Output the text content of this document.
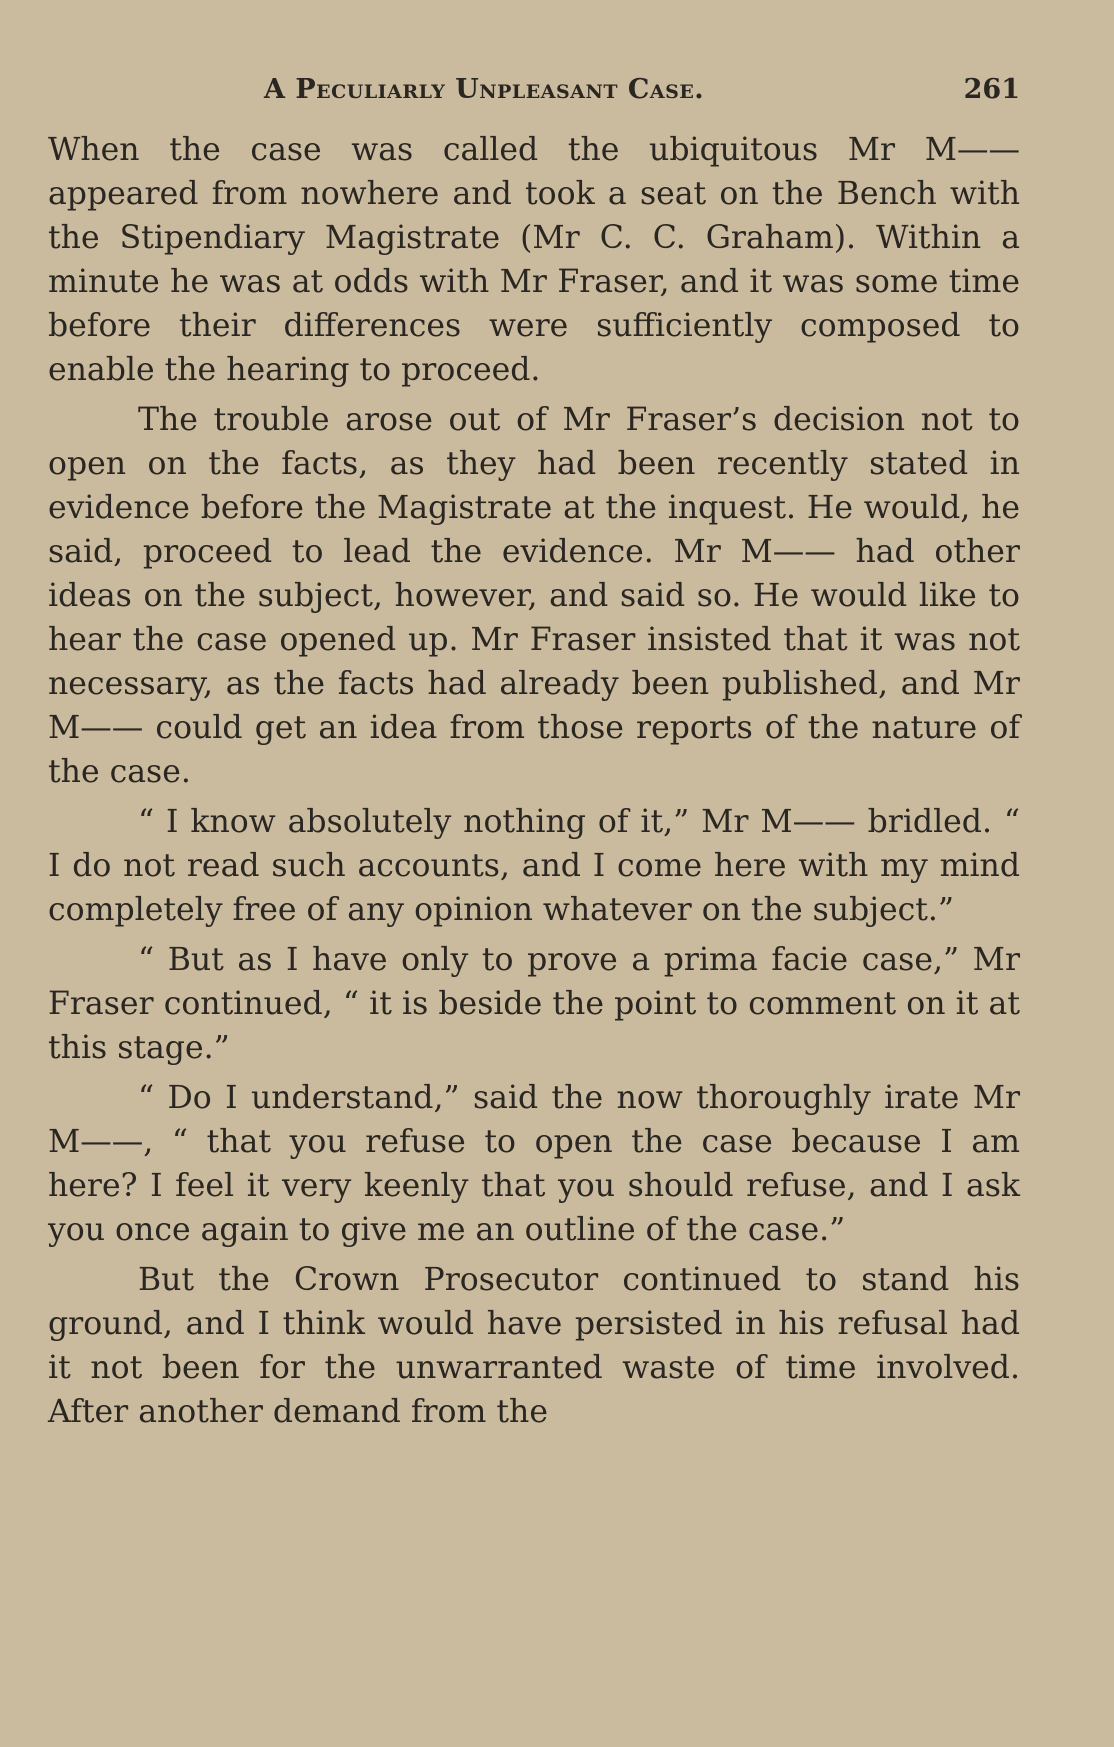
A Peculiarly Unpleasant Case.	261

When the case was called the ubiquitous Mr M—— appeared from nowhere and took a seat on the Bench with the Stipendiary Magistrate (Mr C. C. Graham). Within a minute he was at odds with Mr Fraser, and it was some time before their differences were sufficiently composed to enable the hearing to proceed.

The trouble arose out of Mr Fraser’s decision not to open on the facts, as they had been recently stated in evidence before the Magistrate at the inquest. He would, he said, proceed to lead the evidence. Mr M—— had other ideas on the subject, however, and said so. He would like to hear the case opened up. Mr Fraser insisted that it was not necessary, as the facts had already been published, and Mr M—— could get an idea from those reports of the nature of the case.

“ I know absolutely nothing of it,” Mr M—— bridled. “ I do not read such accounts, and I come here with my mind completely free of any opinion whatever on the subject.”

“ But as I have only to prove a prima facie case,” Mr Fraser continued, “ it is beside the point to comment on it at this stage.”

“ Do I understand,” said the now thoroughly irate Mr M——, “ that you refuse to open the case because I am here? I feel it very keenly that you should refuse, and I ask you once again to give me an outline of the case.”

But the Crown Prosecutor continued to stand his ground, and I think would have persisted in his refusal had it not been for the unwarranted waste of time involved. After another demand from the
